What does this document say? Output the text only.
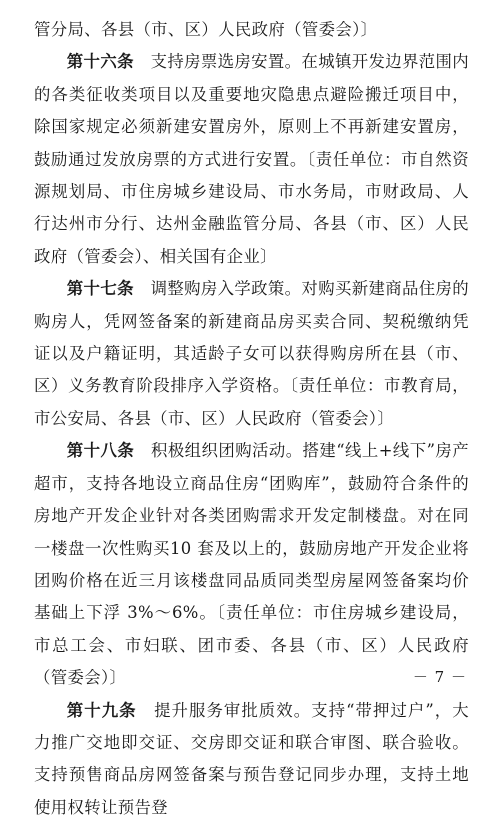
管分局、各县（市、区）人民政府（管委会）〕

第十六条　支持房票选房安置。在城镇开发边界范围内的各类征收类项目以及重要地灾隐患点避险搬迁项目中，除国家规定必须新建安置房外，原则上不再新建安置房，鼓励通过发放房票的方式进行安置。〔责任单位：市自然资源规划局、市住房城乡建设局、市水务局，市财政局、人行达州市分行、达州金融监管分局、各县（市、区）人民政府（管委会）、相关国有企业〕

第十七条　调整购房入学政策。对购买新建商品住房的购房人，凭网签备案的新建商品房买卖合同、契税缴纳凭证以及户籍证明，其适龄子女可以获得购房所在县（市、区）义务教育阶段排序入学资格。〔责任单位：市教育局，市公安局、各县（市、区）人民政府（管委会）〕

第十八条　积极组织团购活动。搭建“线上+线下”房产超市，支持各地设立商品住房“团购库”，鼓励符合条件的房地产开发企业针对各类团购需求开发定制楼盘。对在同一楼盘一次性购买10 套及以上的，鼓励房地产开发企业将团购价格在近三月该楼盘同品质同类型房屋网签备案均价基础上下浮 3%～6%。〔责任单位：市住房城乡建设局，市总工会、市妇联、团市委、各县（市、区）人民政府（管委会）〕

第十九条　提升服务审批质效。支持“带押过户”，大力推广交地即交证、交房即交证和联合审图、联合验收。支持预售商品房网签备案与预告登记同步办理，支持土地使用权转让预告登

－ 7 －
